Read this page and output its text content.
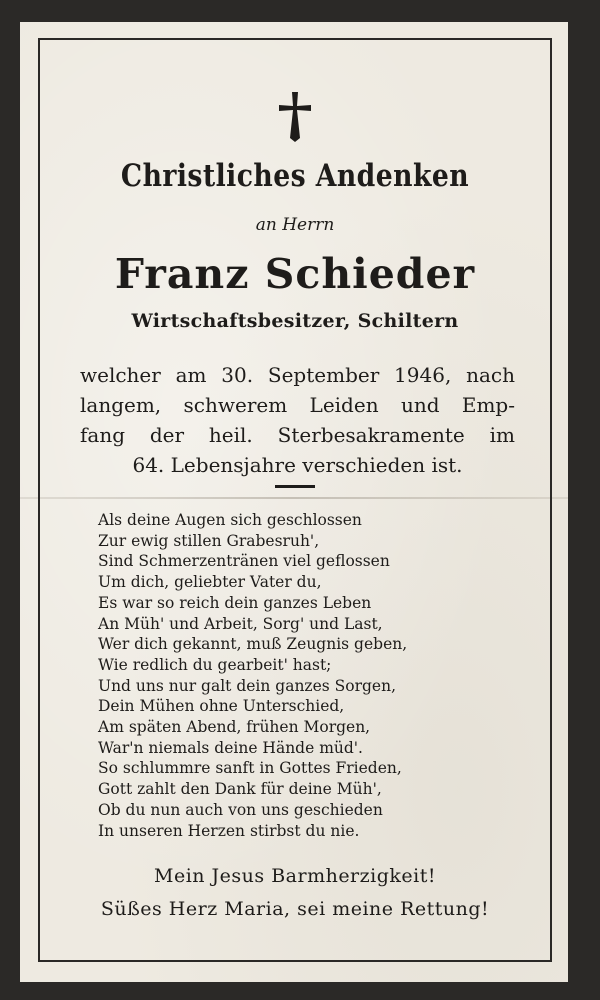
Christliches Andenken
an Herrn
Franz Schieder
Wirtschaftsbesitzer, Schiltern
welcher am 30. September 1946, nach
langem, schwerem Leiden und Emp-
fang der heil. Sterbesakramente im
64. Lebensjahre verschieden ist.
Als deine Augen sich geschlossen
Zur ewig stillen Grabesruh',
Sind Schmerzentränen viel geflossen
Um dich, geliebter Vater du,
Es war so reich dein ganzes Leben
An Müh' und Arbeit, Sorg' und Last,
Wer dich gekannt, muß Zeugnis geben,
Wie redlich du gearbeit' hast;
Und uns nur galt dein ganzes Sorgen,
Dein Mühen ohne Unterschied,
Am späten Abend, frühen Morgen,
War'n niemals deine Hände müd'.
So schlummre sanft in Gottes Frieden,
Gott zahlt den Dank für deine Müh',
Ob du nun auch von uns geschieden
In unseren Herzen stirbst du nie.
Mein Jesus Barmherzigkeit!
Süßes Herz Maria, sei meine Rettung!
